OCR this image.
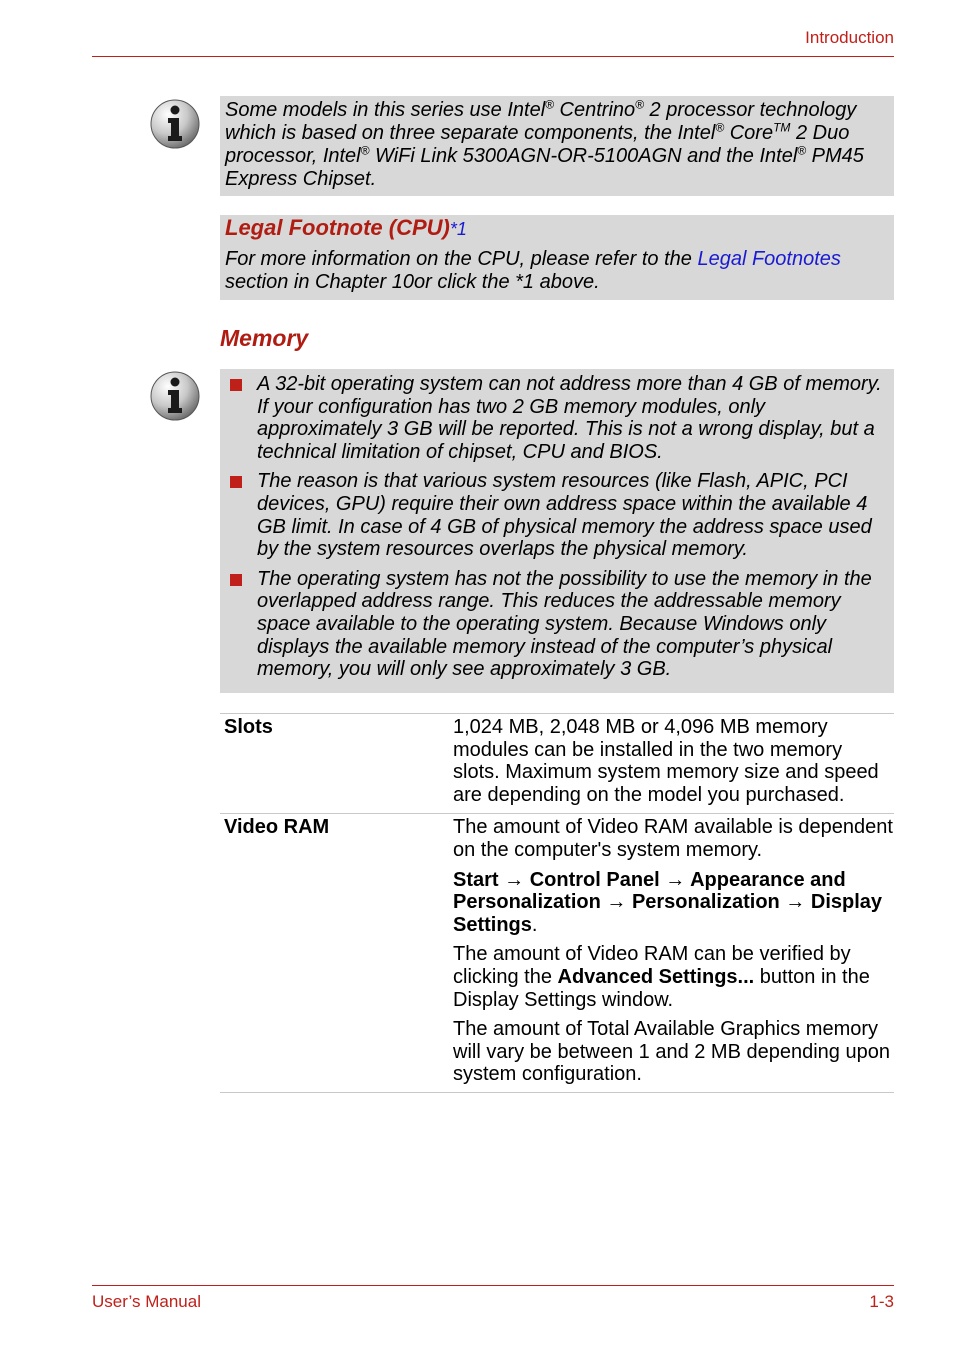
Introduction
Some models in this series use Intel® Centrino® 2 processor technology which is based on three separate components, the Intel® Core™ 2 Duo processor, Intel® WiFi Link 5300AGN-OR-5100AGN and the Intel® PM45 Express Chipset.
Legal Footnote (CPU)*1
For more information on the CPU, please refer to the Legal Footnotes section in Chapter 10or click the *1 above.
Memory
A 32-bit operating system can not address more than 4 GB of memory. If your configuration has two 2 GB memory modules, only approximately 3 GB will be reported. This is not a wrong display, but a technical limitation of chipset, CPU and BIOS.
The reason is that various system resources (like Flash, APIC, PCI devices, GPU) require their own address space within the available 4 GB limit. In case of 4 GB of physical memory the address space used by the system resources overlaps the physical memory.
The operating system has not the possibility to use the memory in the overlapped address range. This reduces the addressable memory space available to the operating system. Because Windows only displays the available memory instead of the computer’s physical memory, you will only see approximately 3 GB.
Slots	1,024 MB, 2,048 MB or 4,096 MB memory modules can be installed in the two memory slots. Maximum system memory size and speed are depending on the model you purchased.
Video RAM	The amount of Video RAM available is dependent on the computer's system memory.

Start → Control Panel → Appearance and Personalization → Personalization → Display Settings.

The amount of Video RAM can be verified by clicking the Advanced Settings... button in the Display Settings window.

The amount of Total Available Graphics memory will vary be between 1 and 2 MB depending upon system configuration.

User’s Manual	1-3
